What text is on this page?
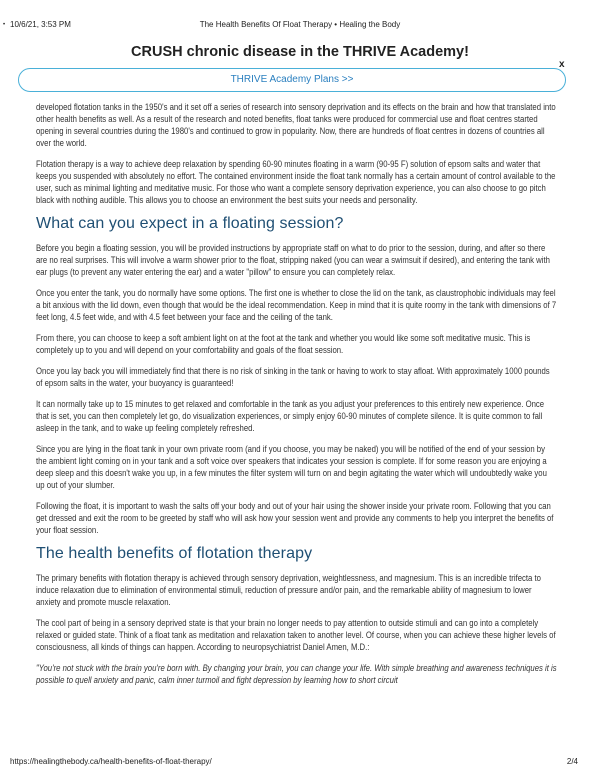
• 10/6/21, 3:53 PM	The Health Benefits Of Float Therapy • Healing the Body
CRUSH chronic disease in the THRIVE Academy!
THRIVE Academy Plans >>
x

developed flotation tanks in the 1950's and it set off a series of research into sensory deprivation and its effects on the brain and how that translated into other health benefits as well. As a result of the research and noted benefits, float tanks were produced for commercial use and float centres started opening in several countries during the 1980's and continued to grow in popularity. Now, there are hundreds of float centres in dozens of countries all over the world.

Flotation therapy is a way to achieve deep relaxation by spending 60-90 minutes floating in a warm (90-95 F) solution of epsom salts and water that keeps you suspended with absolutely no effort. The contained environment inside the float tank normally has a certain amount of control available to the user, such as minimal lighting and meditative music. For those who want a complete sensory deprivation experience, you can also choose to go pitch black with nothing audible. This allows you to choose an environment the best suits your needs and personality.

What can you expect in a floating session?

Before you begin a floating session, you will be provided instructions by appropriate staff on what to do prior to the session, during, and after so there are no real surprises. This will involve a warm shower prior to the float, stripping naked (you can wear a swimsuit if desired), and entering the tank with ear plugs (to prevent any water entering the ear) and a water "pillow" to ensure you can completely relax.

Once you enter the tank, you do normally have some options. The first one is whether to close the lid on the tank, as claustrophobic individuals may feel a bit anxious with the lid down, even though that would be the ideal recommendation. Keep in mind that it is quite roomy in the tank with dimensions of 7 feet long, 4.5 feet wide, and with 4.5 feet between your face and the ceiling of the tank.

From there, you can choose to keep a soft ambient light on at the foot at the tank and whether you would like some soft meditative music. This is completely up to you and will depend on your comfortability and goals of the float session.

Once you lay back you will immediately find that there is no risk of sinking in the tank or having to work to stay afloat. With approximately 1000 pounds of epsom salts in the water, your buoyancy is guaranteed!

It can normally take up to 15 minutes to get relaxed and comfortable in the tank as you adjust your preferences to this entirely new experience. Once that is set, you can then completely let go, do visualization experiences, or simply enjoy 60-90 minutes of complete silence. It is quite common to fall asleep in the tank, and to wake up feeling completely refreshed.

Since you are lying in the float tank in your own private room (and if you choose, you may be naked) you will be notified of the end of your session by the ambient light coming on in your tank and a soft voice over speakers that indicates your session is complete. If for some reason you are enjoying a deep sleep and this doesn't wake you up, in a few minutes the filter system will turn on and begin agitating the water which will undoubtedly wake you up out of your slumber.

Following the float, it is important to wash the salts off your body and out of your hair using the shower inside your private room. Following that you can get dressed and exit the room to be greeted by staff who will ask how your session went and provide any comments to help you interpret the benefits of your float session.

The health benefits of flotation therapy

The primary benefits with flotation therapy is achieved through sensory deprivation, weightlessness, and magnesium. This is an incredible trifecta to induce relaxation due to elimination of environmental stimuli, reduction of pressure and/or pain, and the remarkable ability of magnesium to lower anxiety and promote muscle relaxation.

The cool part of being in a sensory deprived state is that your brain no longer needs to pay attention to outside stimuli and can go into a completely relaxed or guided state. Think of a float tank as meditation and relaxation taken to another level. Of course, when you can achieve these higher levels of consciousness, all kinds of things can happen. According to neuropsychiatrist Daniel Amen, M.D.:

"You're not stuck with the brain you're born with. By changing your brain, you can change your life. With simple breathing and awareness techniques it is possible to quell anxiety and panic, calm inner turmoil and fight depression by learning how to short circuit

https://healingthebody.ca/health-benefits-of-float-therapy/	2/4
